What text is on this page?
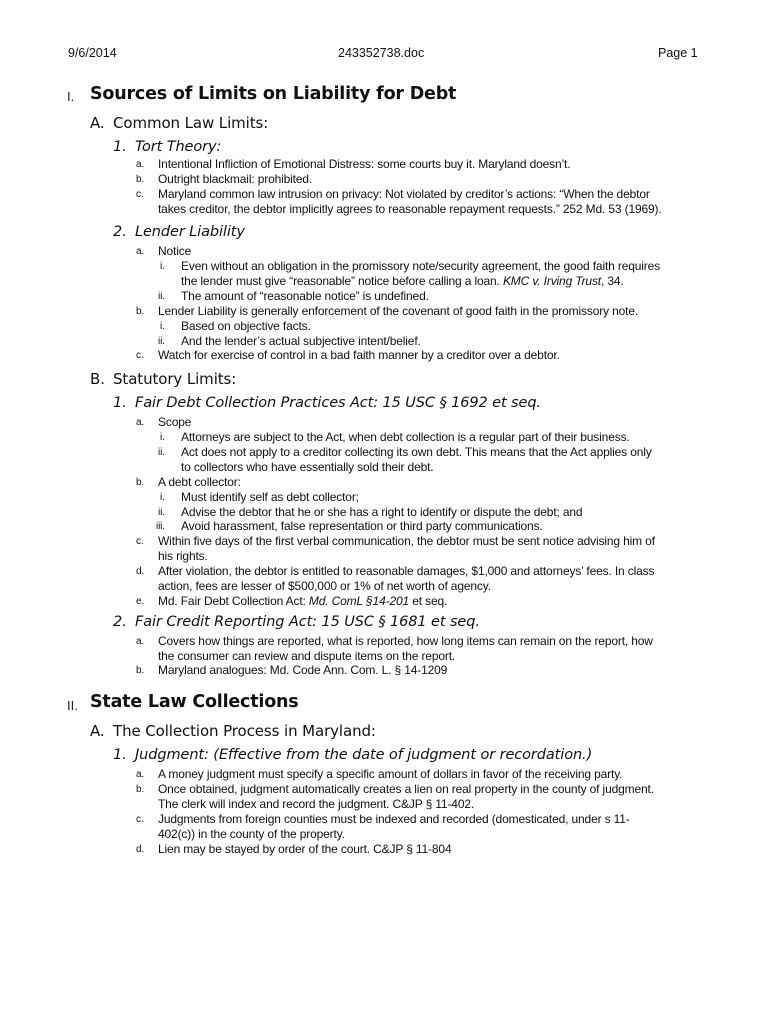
9/6/2014	243352738.doc	Page 1
I. Sources of Limits on Liability for Debt
A. Common Law Limits:
1. Tort Theory:
a. Intentional Infliction of Emotional Distress: some courts buy it. Maryland doesn’t.
b. Outright blackmail: prohibited.
c. Maryland common law intrusion on privacy: Not violated by creditor’s actions: “When the debtor
takes creditor, the debtor implicitly agrees to reasonable repayment requests.” 252 Md. 53 (1969).
2. Lender Liability
a. Notice
i. Even without an obligation in the promissory note/security agreement, the good faith requires
the lender must give “reasonable” notice before calling a loan. KMC v. Irving Trust, 34.
ii. The amount of “reasonable notice” is undefined.
b. Lender Liability is generally enforcement of the covenant of good faith in the promissory note.
i. Based on objective facts.
ii. And the lender’s actual subjective intent/belief.
c. Watch for exercise of control in a bad faith manner by a creditor over a debtor.
B. Statutory Limits:
1. Fair Debt Collection Practices Act: 15 USC § 1692 et seq.
a. Scope
i. Attorneys are subject to the Act, when debt collection is a regular part of their business.
ii. Act does not apply to a creditor collecting its own debt. This means that the Act applies only
to collectors who have essentially sold their debt.
b. A debt collector:
i. Must identify self as debt collector;
ii. Advise the debtor that he or she has a right to identify or dispute the debt; and
iii. Avoid harassment, false representation or third party communications.
c. Within five days of the first verbal communication, the debtor must be sent notice advising him of
his rights.
d. After violation, the debtor is entitled to reasonable damages, $1,000 and attorneys’ fees. In class
action, fees are lesser of $500,000 or 1% of net worth of agency.
e. Md. Fair Debt Collection Act: Md. ComL §14-201 et seq.
2. Fair Credit Reporting Act: 15 USC § 1681 et seq.
a. Covers how things are reported, what is reported, how long items can remain on the report, how
the consumer can review and dispute items on the report.
b. Maryland analogues: Md. Code Ann. Com. L. § 14-1209
II. State Law Collections
A. The Collection Process in Maryland:
1. Judgment: (Effective from the date of judgment or recordation.)
a. A money judgment must specify a specific amount of dollars in favor of the receiving party.
b. Once obtained, judgment automatically creates a lien on real property in the county of judgment.
The clerk will index and record the judgment. C&JP § 11-402.
c. Judgments from foreign counties must be indexed and recorded (domesticated, under s 11-
402(c)) in the county of the property.
d. Lien may be stayed by order of the court. C&JP § 11-804
